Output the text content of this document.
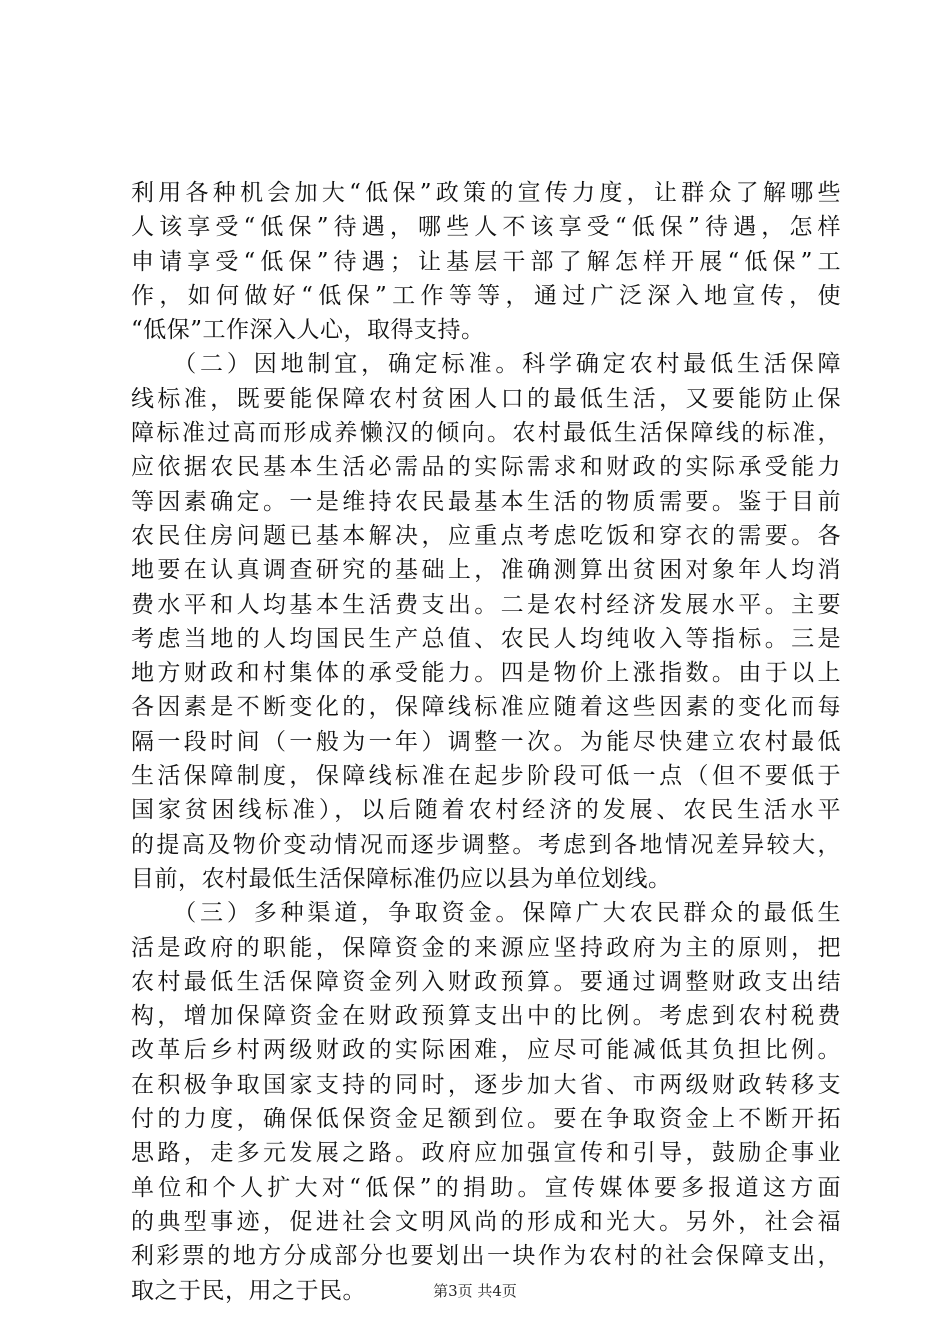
利用各种机会加大“低保”政策的宣传力度，让群众了解哪些
人该享受“低保”待遇，哪些人不该享受“低保”待遇，怎样
申请享受“低保”待遇；让基层干部了解怎样开展“低保”工
作，如何做好“低保”工作等等，通过广泛深入地宣传，使
“低保”工作深入人心，取得支持。
　　（二）因地制宜，确定标准。科学确定农村最低生活保障
线标准，既要能保障农村贫困人口的最低生活，又要能防止保
障标准过高而形成养懒汉的倾向。农村最低生活保障线的标准，
应依据农民基本生活必需品的实际需求和财政的实际承受能力
等因素确定。一是维持农民最基本生活的物质需要。鉴于目前
农民住房问题已基本解决，应重点考虑吃饭和穿衣的需要。各
地要在认真调查研究的基础上，准确测算出贫困对象年人均消
费水平和人均基本生活费支出。二是农村经济发展水平。主要
考虑当地的人均国民生产总值、农民人均纯收入等指标。三是
地方财政和村集体的承受能力。四是物价上涨指数。由于以上
各因素是不断变化的，保障线标准应随着这些因素的变化而每
隔一段时间（一般为一年）调整一次。为能尽快建立农村最低
生活保障制度，保障线标准在起步阶段可低一点（但不要低于
国家贫困线标准），以后随着农村经济的发展、农民生活水平
的提高及物价变动情况而逐步调整。考虑到各地情况差异较大，
目前，农村最低生活保障标准仍应以县为单位划线。
　　（三）多种渠道，争取资金。保障广大农民群众的最低生
活是政府的职能，保障资金的来源应坚持政府为主的原则，把
农村最低生活保障资金列入财政预算。要通过调整财政支出结
构，增加保障资金在财政预算支出中的比例。考虑到农村税费
改革后乡村两级财政的实际困难，应尽可能减低其负担比例。
在积极争取国家支持的同时，逐步加大省、市两级财政转移支
付的力度，确保低保资金足额到位。要在争取资金上不断开拓
思路，走多元发展之路。政府应加强宣传和引导，鼓励企事业
单位和个人扩大对“低保”的捐助。宣传媒体要多报道这方面
的典型事迹，促进社会文明风尚的形成和光大。另外，社会福
利彩票的地方分成部分也要划出一块作为农村的社会保障支出，
取之于民，用之于民。	第3页 共4页
